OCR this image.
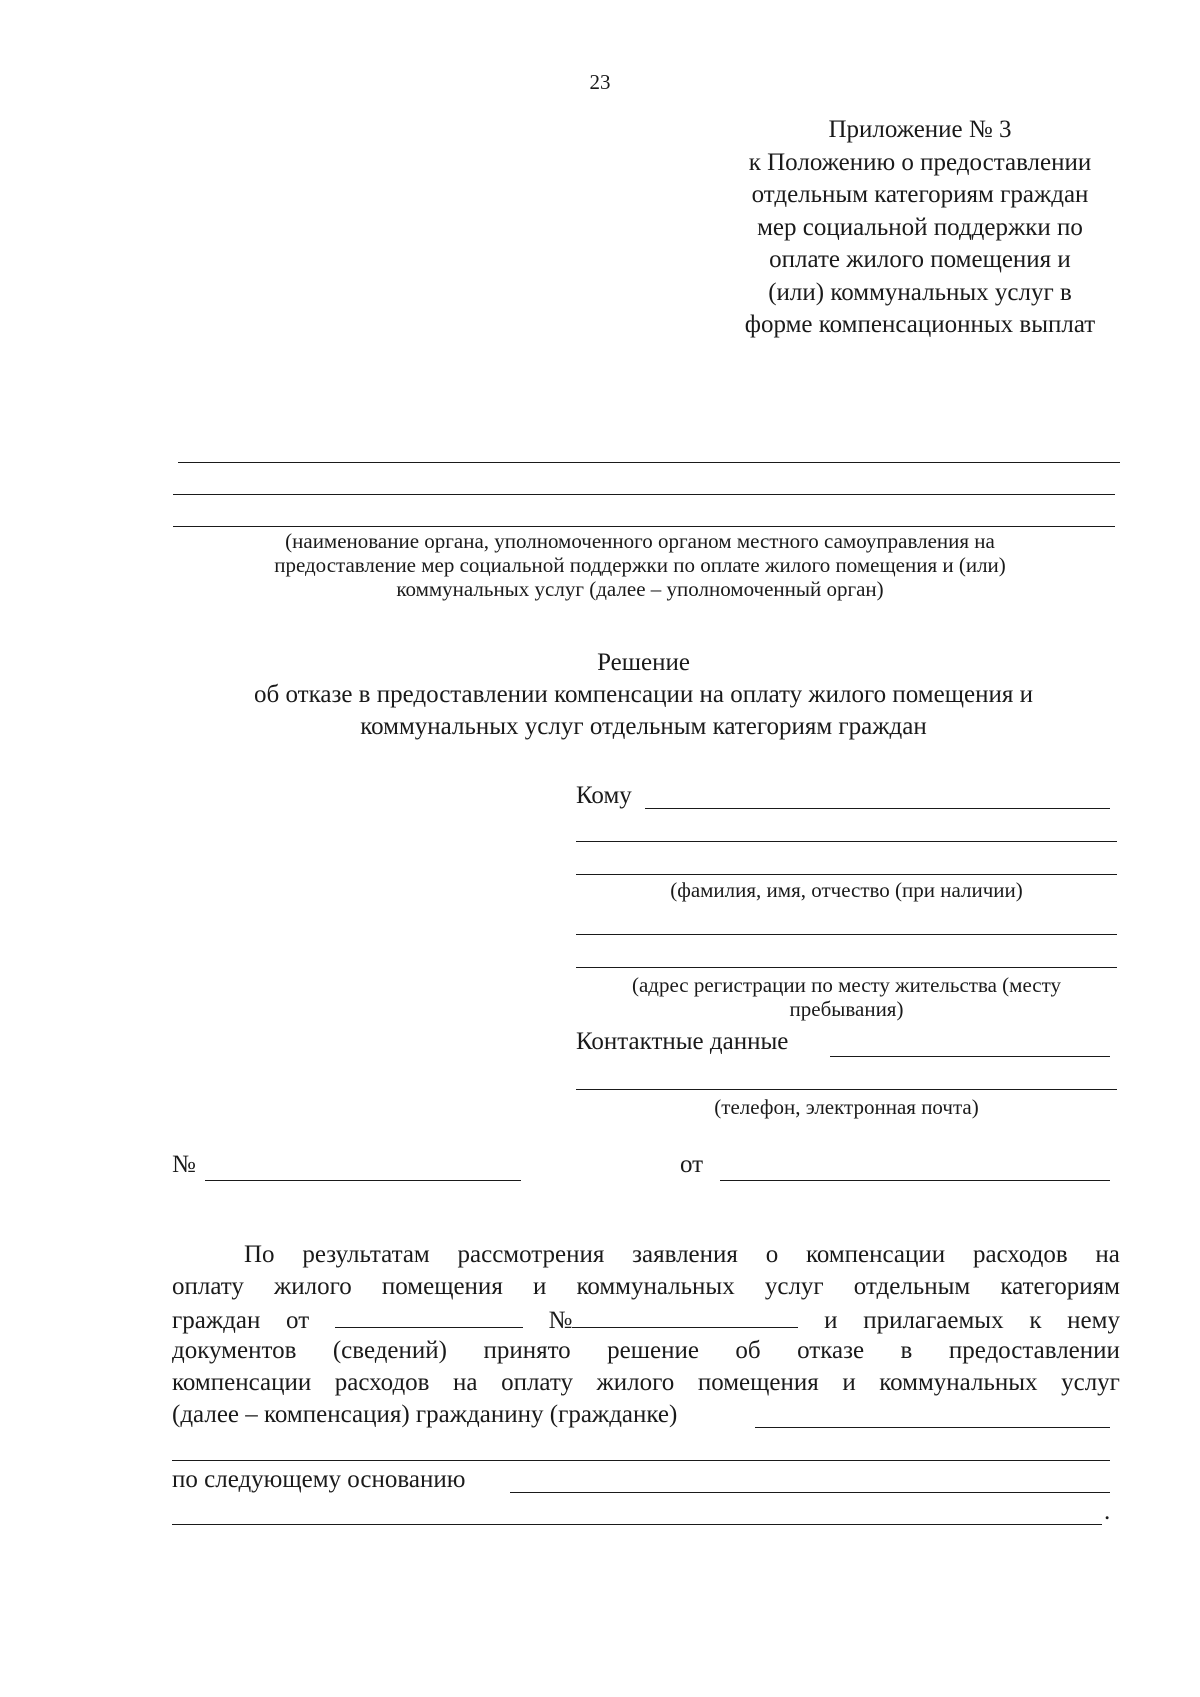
23
Приложение № 3
к Положению о предоставлении
отдельным категориям граждан
мер социальной поддержки по
оплате жилого помещения и
(или) коммунальных услуг в
форме компенсационных выплат
(наименование органа, уполномоченного органом местного самоуправления на
предоставление мер социальной поддержки по оплате жилого помещения и (или)
коммунальных услуг (далее – уполномоченный орган)
Решение
об отказе в предоставлении компенсации на оплату жилого помещения и
коммунальных услуг отдельным категориям граждан
Кому
(фамилия, имя, отчество (при наличии)
(адрес регистрации по месту жительства (месту
пребывания)
Контактные данные
(телефон, электронная почта)
№	от
По результатам рассмотрения заявления о компенсации расходов на
оплату жилого помещения и коммунальных услуг отдельным категориям
граждан от	№	и прилагаемых к нему
документов (сведений) принято решение об отказе в предоставлении
компенсации расходов на оплату жилого помещения и коммунальных услуг
(далее – компенсация) гражданину (гражданке)
по следующему основанию
.
